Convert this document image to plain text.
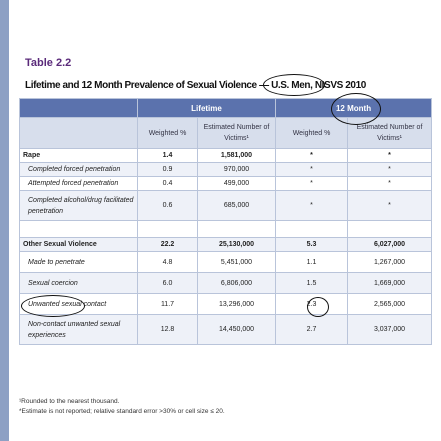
Table 2.2
Lifetime and 12 Month Prevalence of Sexual Violence — U.S. Men, NISVS 2010
	Lifetime		12 Month	
	Weighted %	Estimated Number of Victims¹	Weighted %	Estimated Number of Victims¹
Rape	1.4	1,581,000	*	*
Completed forced penetration	0.9	970,000	*	*
Attempted forced penetration	0.4	499,000	*	*
Completed alcohol/drug facilitated penetration	0.6	685,000	*	*

Other Sexual Violence	22.2	25,130,000	5.3	6,027,000
Made to penetrate	4.8	5,451,000	1.1	1,267,000
Sexual coercion	6.0	6,806,000	1.5	1,669,000
Unwanted sexual contact	11.7	13,296,000	2.3	2,565,000
Non-contact unwanted sexual experiences	12.8	14,450,000	2.7	3,037,000
¹Rounded to the nearest thousand.
*Estimate is not reported; relative standard error >30% or cell size ≤ 20.
